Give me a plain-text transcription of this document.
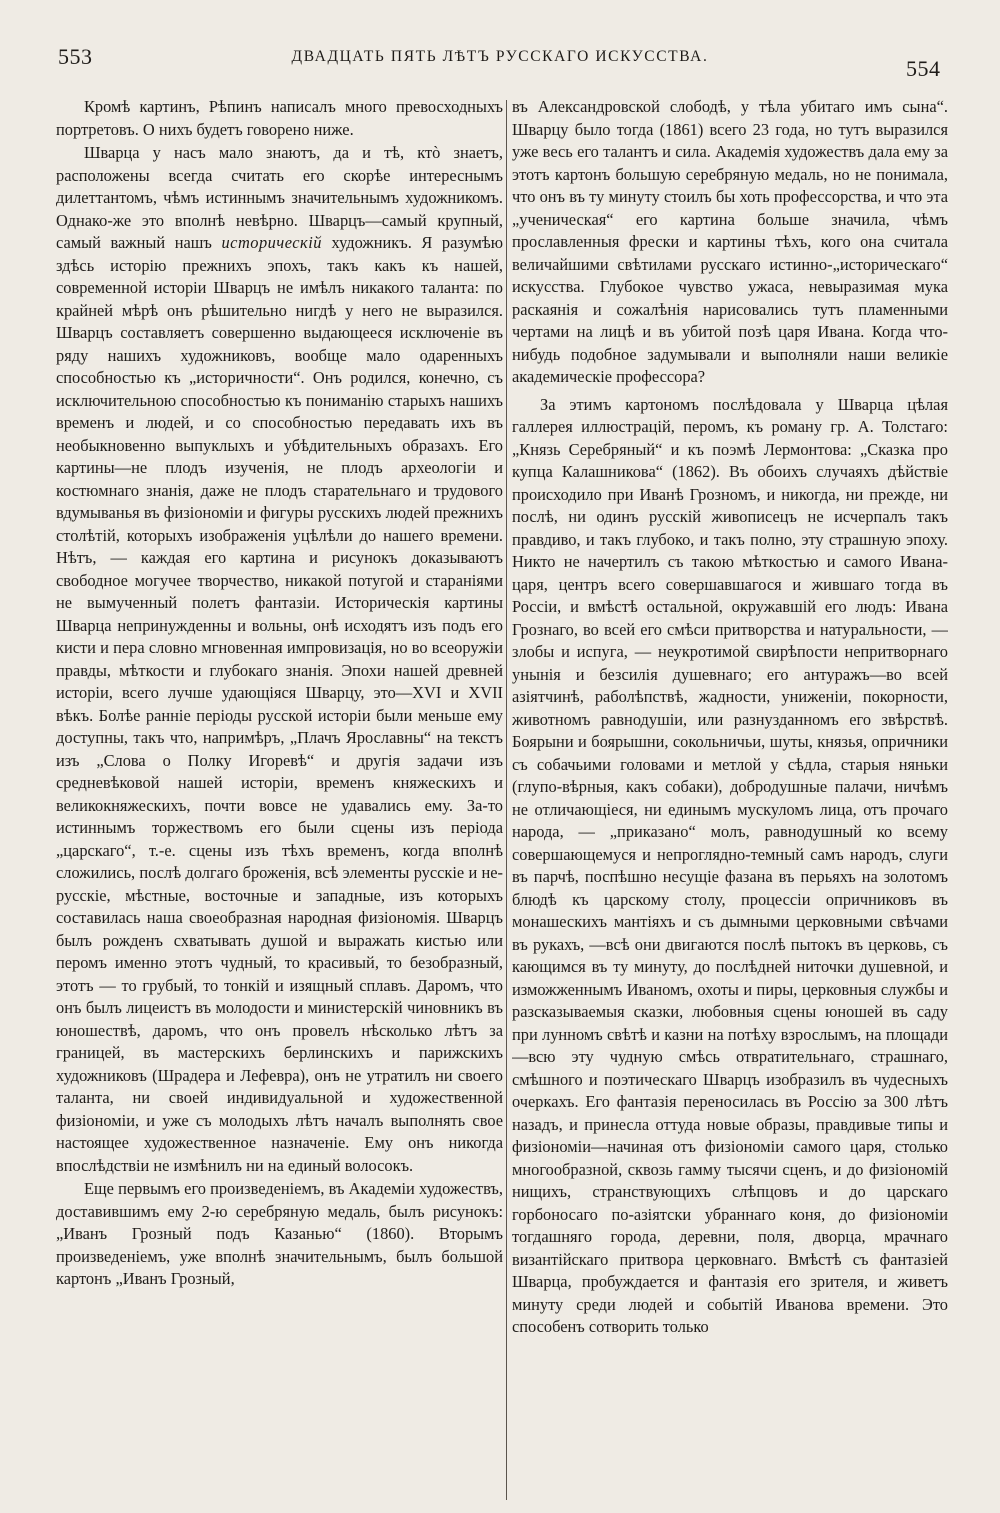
553	ДВАДЦАТЬ ПЯТЬ ЛѢТЪ РУССКАГО ИСКУССТВА.	554

Кромѣ картинъ, Рѣпинъ написалъ много превосходныхъ портретовъ. О нихъ будетъ говорено ниже.

Шварца у насъ мало знаютъ, да и тѣ, ктò знаетъ, расположены всегда считать его скорѣе интереснымъ дилеттантомъ, чѣмъ истиннымъ значительнымъ художникомъ. Однако-же это вполнѣ невѣрно. Шварцъ—самый крупный, самый важный нашъ историческій художникъ. Я разумѣю здѣсь исторію прежнихъ эпохъ, такъ какъ къ нашей, современной исторіи Шварцъ не имѣлъ никакого таланта: по крайней мѣрѣ онъ рѣшительно нигдѣ у него не выразился. Шварцъ составляетъ совершенно выдающееся исключеніе въ ряду нашихъ художниковъ, вообще мало одаренныхъ способностью къ „историчности“. Онъ родился, конечно, съ исключительною способностью къ пониманію старыхъ нашихъ временъ и людей, и со способностью передавать ихъ въ необыкновенно выпуклыхъ и убѣдительныхъ образахъ. Его картины—не плодъ изученія, не плодъ археологіи и костюмнаго знанія, даже не плодъ старательнаго и трудового вдумыванья въ физіономіи и фигуры русскихъ людей прежнихъ столѣтій, которыхъ изображенія уцѣлѣли до нашего времени. Нѣтъ, — каждая его картина и рисунокъ доказываютъ свободное могучее творчество, никакой потугой и стараніями не вымученный полетъ фантазіи. Историческія картины Шварца непринужденны и вольны, онѣ исходятъ изъ подъ его кисти и пера словно мгновенная импровизація, но во всеоружіи правды, мѣткости и глубокаго знанія. Эпохи нашей древней исторіи, всего лучше удающіяся Шварцу, это—XVI и XVII вѣкъ. Болѣе ранніе періоды русской исторіи были меньше ему доступны, такъ что, напримѣръ, „Плачъ Ярославны“ на текстъ изъ „Слова о Полку Игоревѣ“ и другія задачи изъ средневѣковой нашей исторіи, временъ княжескихъ и великокняжескихъ, почти вовсе не удавались ему. За-то истиннымъ торжествомъ его были сцены изъ періода „царскаго“, т.-е. сцены изъ тѣхъ временъ, когда вполнѣ сложились, послѣ долгаго броженія, всѣ элементы русскіе и не-русскіе, мѣстные, восточные и западные, изъ которыхъ составилась наша своеобразная народная физіономія. Шварцъ былъ рожденъ схватывать душой и выражать кистью или перомъ именно этотъ чудный, то красивый, то безобразный, этотъ — то грубый, то тонкій и изящный сплавъ. Даромъ, что онъ былъ лицеистъ въ молодости и министерскій чиновникъ въ юношествѣ, даромъ, что онъ провелъ нѣсколько лѣтъ за границей, въ мастерскихъ берлинскихъ и парижскихъ художниковъ (Шрадера и Лефевра), онъ не утратилъ ни своего таланта, ни своей индивидуальной и художественной физіономіи, и уже съ молодыхъ лѣтъ началъ выполнять свое настоящее художественное назначеніе. Ему онъ никогда впослѣдствіи не измѣнилъ ни на единый волосокъ.

Еще первымъ его произведеніемъ, въ Академіи художествъ, доставившимъ ему 2-ю серебряную медаль, былъ рисунокъ: „Иванъ Грозный подъ Казанью“ (1860). Вторымъ произведеніемъ, уже вполнѣ значительнымъ, былъ большой картонъ „Иванъ Грозный,

въ Александровской слободѣ, у тѣла убитаго имъ сына“. Шварцу было тогда (1861) всего 23 года, но тутъ выразился уже весь его талантъ и сила. Академія художествъ дала ему за этотъ картонъ большую серебряную медаль, но не понимала, что онъ въ ту минуту стоилъ бы хоть профессорства, и что эта „ученическая“ его картина больше значила, чѣмъ прославленныя фрески и картины тѣхъ, кого она считала величайшими свѣтилами русскаго истинно-„историческаго“ искусства. Глубокое чувство ужаса, невыразимая мука раскаянія и сожалѣнія нарисовались тутъ пламенными чертами на лицѣ и въ убитой позѣ царя Ивана. Когда что-нибудь подобное задумывали и выполняли наши великіе академическіе профессора?

За этимъ картономъ послѣдовала у Шварца цѣлая галлерея иллюстрацій, перомъ, къ роману гр. А. Толстаго: „Князь Серебряный“ и къ поэмѣ Лермонтова: „Сказка про купца Калашникова“ (1862). Въ обоихъ случаяхъ дѣйствіе происходило при Иванѣ Грозномъ, и никогда, ни прежде, ни послѣ, ни одинъ русскій живописецъ не исчерпалъ такъ правдиво, и такъ глубоко, и такъ полно, эту страшную эпоху. Никто не начертилъ съ такою мѣткостью и самого Ивана-царя, центръ всего совершавшагося и жившаго тогда въ Россіи, и вмѣстѣ остальной, окружавшій его людъ: Ивана Грознаго, во всей его смѣси притворства и натуральности, — злобы и испуга, — неукротимой свирѣпости непритворнаго унынія и безсилія душевнаго; его антуражъ—во всей азіятчинѣ, раболѣпствѣ, жадности, униженіи, покорности, животномъ равнодушіи, или разнузданномъ его звѣрствѣ. Боярыни и боярышни, сокольничьи, шуты, князья, опричники съ собачьими головами и метлой у сѣдла, старыя няньки (глупо-вѣрныя, какъ собаки), добродушные палачи, ничѣмъ не отличающіеся, ни единымъ мускуломъ лица, отъ прочаго народа, — „приказано“ молъ, равнодушный ко всему совершающемуся и непроглядно-темный самъ народъ, слуги въ парчѣ, поспѣшно несущіе фазана въ перьяхъ на золотомъ блюдѣ къ царскому столу, процессіи опричниковъ въ монашескихъ мантіяхъ и съ дымными церковными свѣчами въ рукахъ, —всѣ они двигаются послѣ пытокъ въ церковь, съ кающимся въ ту минуту, до послѣдней ниточки душевной, и изможженнымъ Иваномъ, охоты и пиры, церковныя службы и разсказываемыя сказки, любовныя сцены юношей въ саду при лунномъ свѣтѣ и казни на потѣху взрослымъ, на площади—всю эту чудную смѣсь отвратительнаго, страшнаго, смѣшного и поэтическаго Шварцъ изобразилъ въ чудесныхъ очеркахъ. Его фантазія переносилась въ Россію за 300 лѣтъ назадъ, и принесла оттуда новые образы, правдивые типы и физіономіи—начиная отъ физіономіи самого царя, столько многообразной, сквозь гамму тысячи сценъ, и до физіономій нищихъ, странствующихъ слѣпцовъ и до царскаго горбоносаго по-азіятски убраннаго коня, до физіономіи тогдашняго города, деревни, поля, дворца, мрачнаго византійскаго притвора церковнаго. Вмѣстѣ съ фантазіей Шварца, пробуждается и фантазія его зрителя, и живетъ минуту среди людей и событій Иванова времени. Это способенъ сотворить только
